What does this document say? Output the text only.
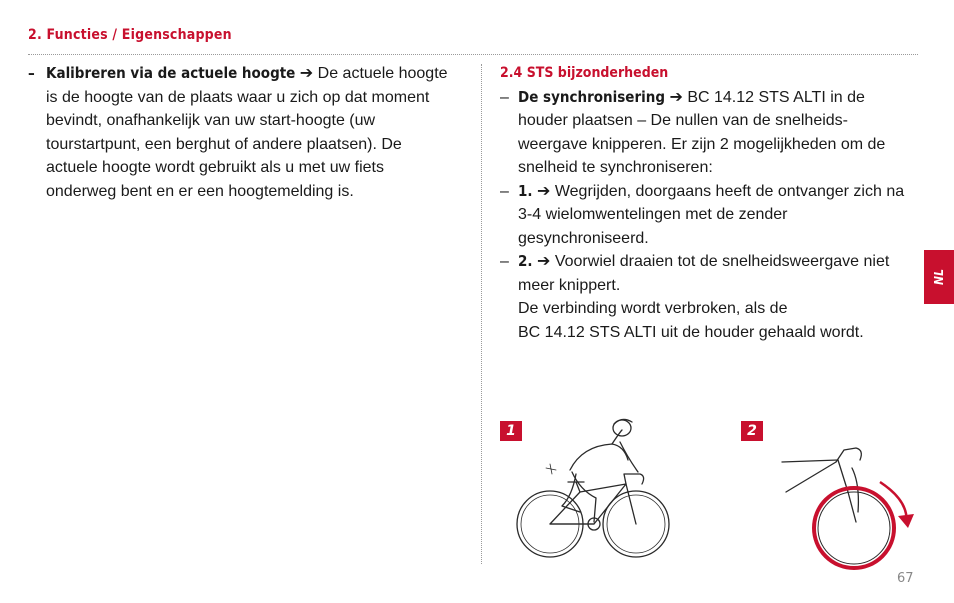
2. Functies / Eigenschappen
– Kalibreren via de actuele hoogte ➔ De actuele hoogte is de hoogte van de plaats waar u zich op dat moment bevindt, onafhankelijk van uw start-hoogte (uw tourstartpunt, een berghut of andere plaatsen). De actuele hoogte wordt gebruikt als u met uw fiets onderweg bent en er een hoogtemelding is.
2.4 STS bijzonderheden
– De synchronisering ➔ BC 14.12 STS ALTI in de houder plaatsen – De nullen van de snelheids-weergave knipperen. Er zijn 2 mogelijkheden om de snelheid te synchroniseren:
– 1. ➔ Wegrijden, doorgaans heeft de ontvanger zich na 3-4 wielomwentelingen met de zender gesynchroniseerd.
– 2. ➔ Voorwiel draaien tot de snelheidsweergave niet meer knippert.
De verbinding wordt verbroken, als de
BC 14.12 STS ALTI uit de houder gehaald wordt.
NL
1	2
67
